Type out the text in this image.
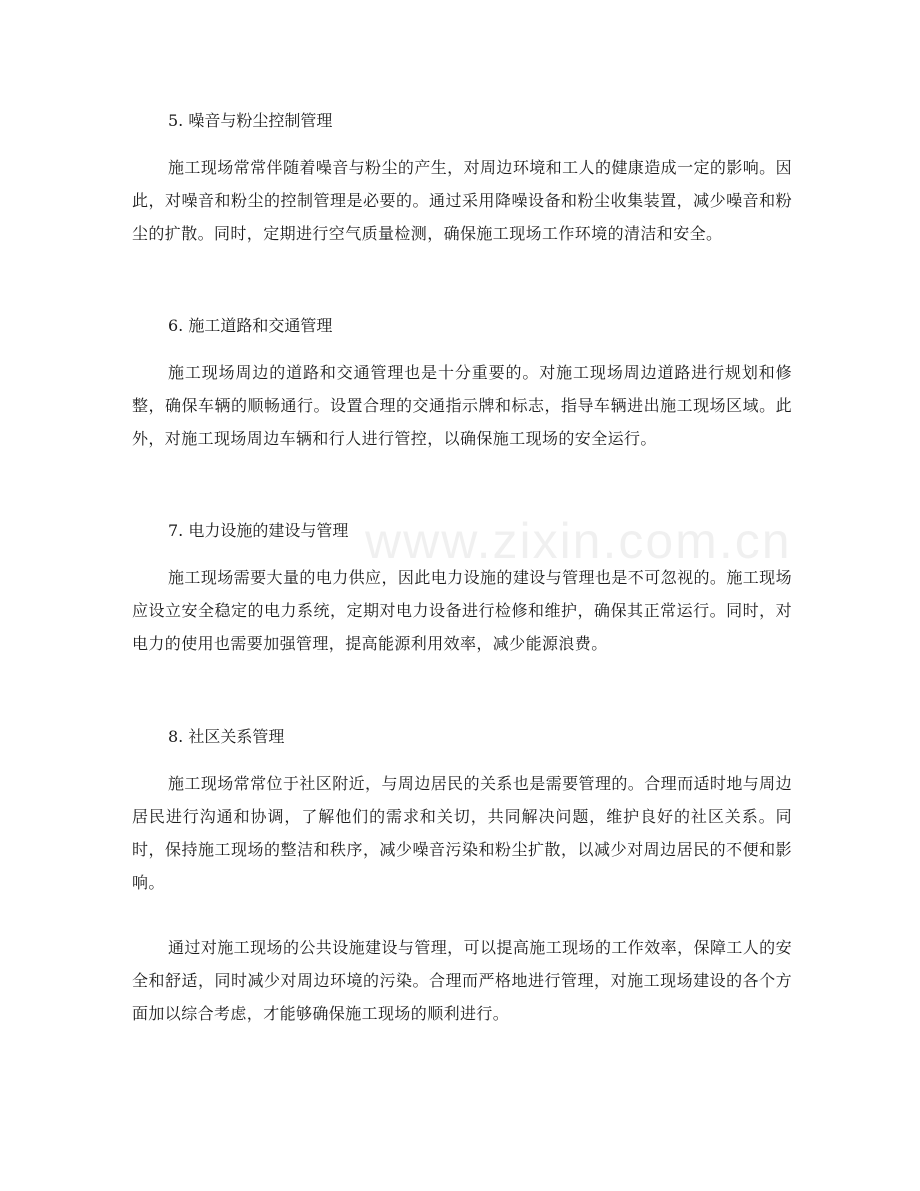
www.zixin.com.cn
5. 噪音与粉尘控制管理
施工现场常常伴随着噪音与粉尘的产生，对周边环境和工人的健康造成一定的影响。因此，对噪音和粉尘的控制管理是必要的。通过采用降噪设备和粉尘收集装置，减少噪音和粉尘的扩散。同时，定期进行空气质量检测，确保施工现场工作环境的清洁和安全。
6. 施工道路和交通管理
施工现场周边的道路和交通管理也是十分重要的。对施工现场周边道路进行规划和修整，确保车辆的顺畅通行。设置合理的交通指示牌和标志，指导车辆进出施工现场区域。此外，对施工现场周边车辆和行人进行管控，以确保施工现场的安全运行。
7. 电力设施的建设与管理
施工现场需要大量的电力供应，因此电力设施的建设与管理也是不可忽视的。施工现场应设立安全稳定的电力系统，定期对电力设备进行检修和维护，确保其正常运行。同时，对电力的使用也需要加强管理，提高能源利用效率，减少能源浪费。
8. 社区关系管理
施工现场常常位于社区附近，与周边居民的关系也是需要管理的。合理而适时地与周边居民进行沟通和协调，了解他们的需求和关切，共同解决问题，维护良好的社区关系。同时，保持施工现场的整洁和秩序，减少噪音污染和粉尘扩散，以减少对周边居民的不便和影响。
通过对施工现场的公共设施建设与管理，可以提高施工现场的工作效率，保障工人的安全和舒适，同时减少对周边环境的污染。合理而严格地进行管理，对施工现场建设的各个方面加以综合考虑，才能够确保施工现场的顺利进行。
